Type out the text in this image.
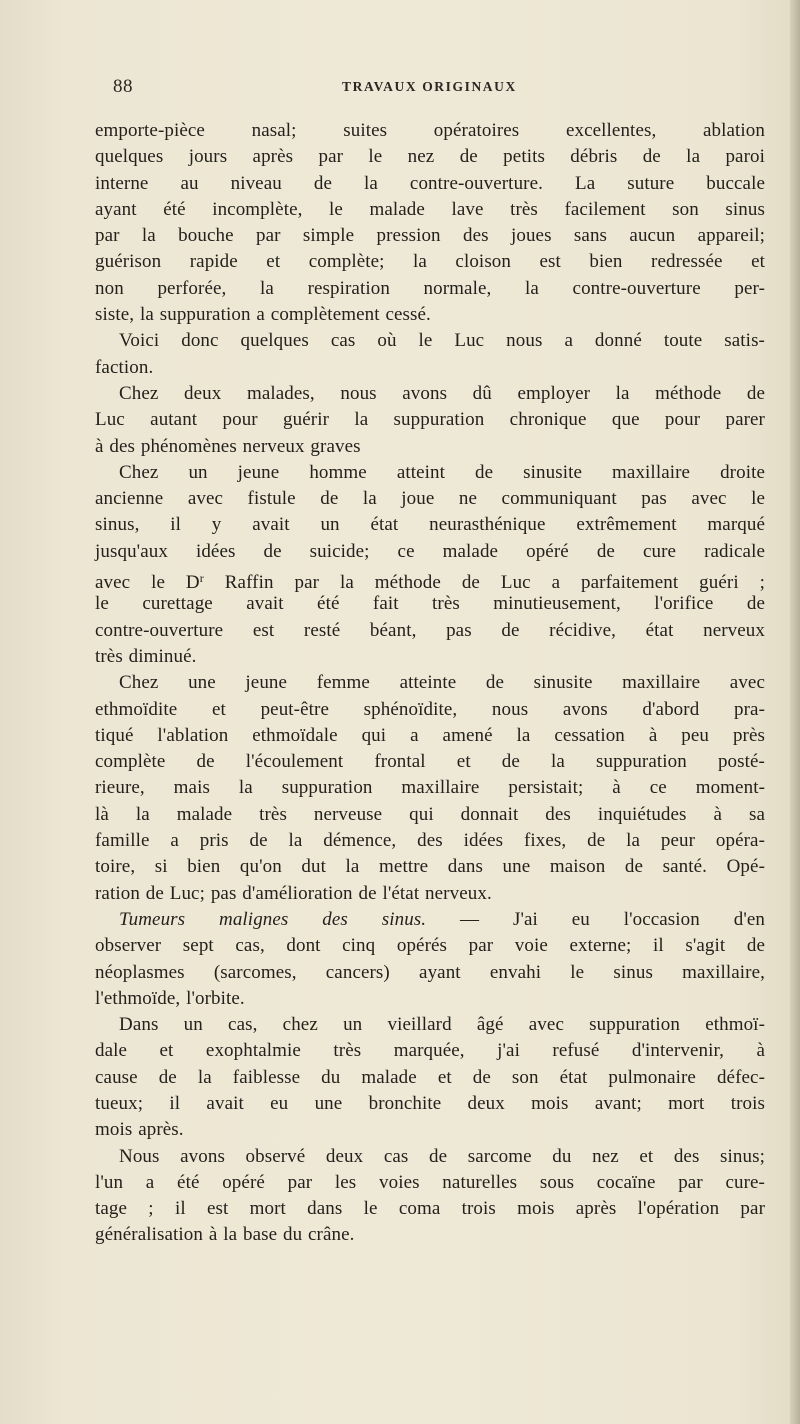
88	TRAVAUX ORIGINAUX
emporte-pièce nasal; suites opératoires excellentes, ablation
quelques jours après par le nez de petits débris de la paroi
interne au niveau de la contre-ouverture. La suture buccale
ayant été incomplète, le malade lave très facilement son sinus
par la bouche par simple pression des joues sans aucun appareil;
guérison rapide et complète; la cloison est bien redressée et
non perforée, la respiration normale, la contre-ouverture per-
siste, la suppuration a complètement cessé.
Voici donc quelques cas où le Luc nous a donné toute satis-
faction.
Chez deux malades, nous avons dû employer la méthode de
Luc autant pour guérir la suppuration chronique que pour parer
à des phénomènes nerveux graves
Chez un jeune homme atteint de sinusite maxillaire droite
ancienne avec fistule de la joue ne communiquant pas avec le
sinus, il y avait un état neurasthénique extrêmement marqué
jusqu'aux idées de suicide; ce malade opéré de cure radicale
avec le $D^r$ Raffin par la méthode de Luc a parfaitement guéri ;
le curettage avait été fait très minutieusement, l'orifice de
contre-ouverture est resté béant, pas de récidive, état nerveux
très diminué.
Chez une jeune femme atteinte de sinusite maxillaire avec
ethmoïdite et peut-être sphénoïdite, nous avons d'abord pra-
tiqué l'ablation ethmoïdale qui a amené la cessation à peu près
complète de l'écoulement frontal et de la suppuration posté-
rieure, mais la suppuration maxillaire persistait; à ce moment-
là la malade très nerveuse qui donnait des inquiétudes à sa
famille a pris de la démence, des idées fixes, de la peur opéra-
toire, si bien qu'on dut la mettre dans une maison de santé. Opé-
ration de Luc; pas d'amélioration de l'état nerveux.
Tumeurs malignes des sinus. — J'ai eu l'occasion d'en
observer sept cas, dont cinq opérés par voie externe; il s'agit de
néoplasmes (sarcomes, cancers) ayant envahi le sinus maxillaire,
l'ethmoïde, l'orbite.
Dans un cas, chez un vieillard âgé avec suppuration ethmoï-
dale et exophtalmie très marquée, j'ai refusé d'intervenir, à
cause de la faiblesse du malade et de son état pulmonaire défec-
tueux; il avait eu une bronchite deux mois avant; mort trois
mois après.
Nous avons observé deux cas de sarcome du nez et des sinus;
l'un a été opéré par les voies naturelles sous cocaïne par cure-
tage ; il est mort dans le coma trois mois après l'opération par
généralisation à la base du crâne.
